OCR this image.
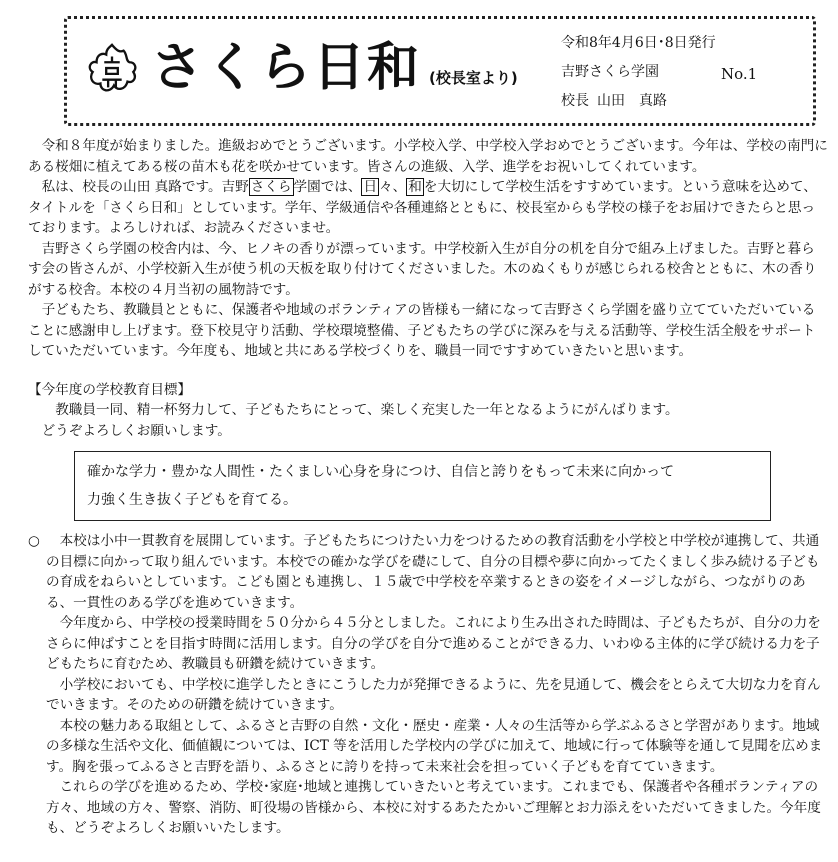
さくら日和 (校長室より)
令和8年4月6日･8日発行
吉野さくら学園
校長 山田　真路
No.1

令和８年度が始まりました。進級おめでとうございます。小学校入学、中学校入学おめでとうございます。今年は、学校の南門にある桜畑に植えてある桜の苗木も花を咲かせています。皆さんの進級、入学、進学をお祝いしてくれています。

私は、校長の山田 真路です。吉野 さくら 学園では、 日 々、 和 を大切にして学校生活をすすめています。という意味を込めて、タイトルを「さくら日和」としています。学年、学級通信や各種連絡とともに、校長室からも学校の様子をお届けできたらと思っております。よろしければ、お読みくださいませ。

吉野さくら学園の校舎内は、今、ヒノキの香りが漂っています。中学校新入生が自分の机を自分で組み上げました。吉野と暮らす会の皆さんが、小学校新入生が使う机の天板を取り付けてくださいました。木のぬくもりが感じられる校舎とともに、木の香りがする校舎。本校の４月当初の風物詩です。

子どもたち、教職員とともに、保護者や地域のボランティアの皆様も一緒になって吉野さくら学園を盛り立てていただいていることに感謝申し上げます。登下校見守り活動、学校環境整備、子どもたちの学びに深みを与える活動等、学校生活全般をサポートしていただいています。今年度も、地域と共にある学校づくりを、職員一同ですすめていきたいと思います。

【今年度の学校教育目標】

教職員一同、精一杯努力して、子どもたちにとって、楽しく充実した一年となるようにがんばります。

どうぞよろしくお願いします。

確かな学力・豊かな人間性・たくましい心身を身につけ、自信と誇りをもって未来に向かって
力強く生き抜く子どもを育てる。

○	本校は小中一貫教育を展開しています。子どもたちにつけたい力をつけるための教育活動を小学校と中学校が連携して、共通の目標に向かって取り組んでいます。本校での確かな学びを礎にして、自分の目標や夢に向かってたくましく歩み続ける子どもの育成をねらいとしています。こども園とも連携し、１５歳で中学校を卒業するときの姿をイメージしながら、つながりのある、一貫性のある学びを進めていきます。

今年度から、中学校の授業時間を５０分から４５分としました。これにより生み出された時間は、子どもたちが、自分の力をさらに伸ばすことを目指す時間に活用します。自分の学びを自分で進めることができる力、いわゆる主体的に学び続ける力を子どもたちに育むため、教職員も研鑽を続けていきます。

小学校においても、中学校に進学したときにこうした力が発揮できるように、先を見通して、機会をとらえて大切な力を育んでいきます。そのための研鑽を続けていきます。

本校の魅力ある取組として、ふるさと吉野の自然・文化・歴史・産業・人々の生活等から学ぶふるさと学習があります。地域の多様な生活や文化、価値観については、ICT 等を活用した学校内の学びに加えて、地域に行って体験等を通して見聞を広めます。胸を張ってふるさと吉野を語り、ふるさとに誇りを持って未来社会を担っていく子どもを育てていきます。

これらの学びを進めるため、学校･家庭･地域と連携していきたいと考えています。これまでも、保護者や各種ボランティアの方々、地域の方々、警察、消防、町役場の皆様から、本校に対するあたたかいご理解とお力添えをいただいてきました。今年度も、どうぞよろしくお願いいたします。
